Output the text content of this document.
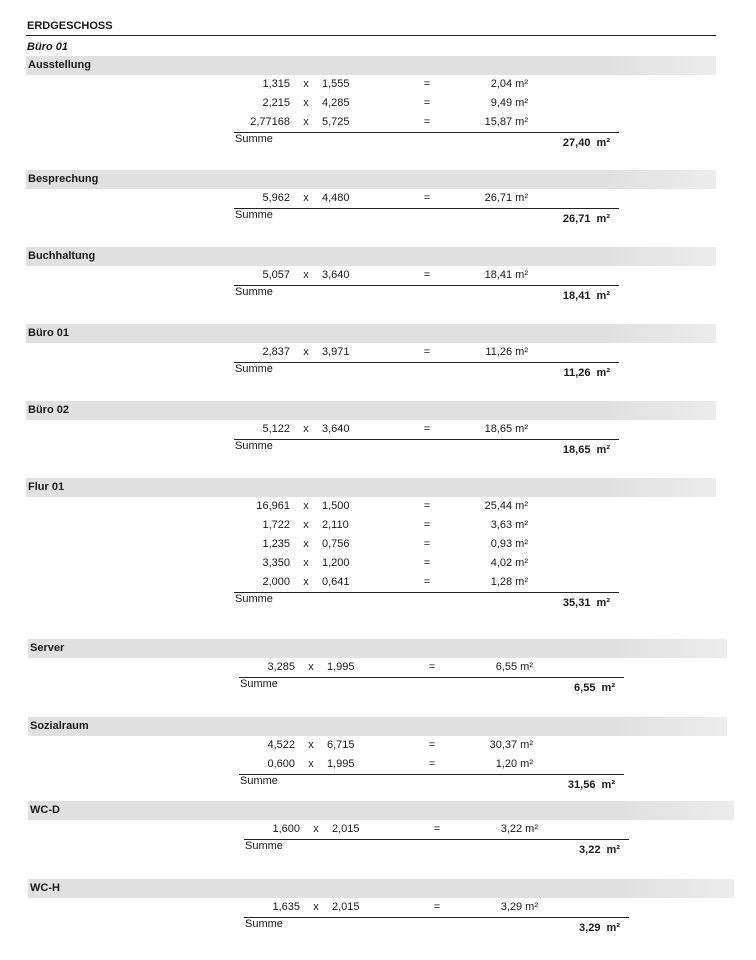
ERDGESCHOSS
Büro 01
Ausstellung
1,315 x 1,555	=	2,04 m²
2,215 x 4,285	=	9,49 m²
2,77168 x 5,725	=	15,87 m²
Summe	27,40  m²
Besprechung
5,962 x 4,480	=	26,71 m²
Summe	26,71  m²
Buchhaltung
5,057 x 3,640	=	18,41 m²
Summe	18,41  m²
Büro 01
2,837 x 3,971	=	11,26 m²
Summe	11,26  m²
Büro 02
5,122 x 3,640	=	18,65 m²
Summe	18,65  m²
Flur 01
16,961 x 1,500	=	25,44 m²
1,722 x 2,110	=	3,63 m²
1,235 x 0,756	=	0,93 m²
3,350 x 1,200	=	4,02 m²
2,000 x 0,641	=	1,28 m²
Summe	35,31  m²
Server
3,285 x 1,995	=	6,55 m²
Summe	6,55  m²
Sozialraum
4,522 x 6,715	=	30,37 m²
0,600 x 1,995	=	1,20 m²
Summe	31,56  m²
WC-D
1,600 x 2,015	=	3,22 m²
Summe	3,22  m²
WC-H
1,635 x 2,015	=	3,29 m²
Summe	3,29  m²
